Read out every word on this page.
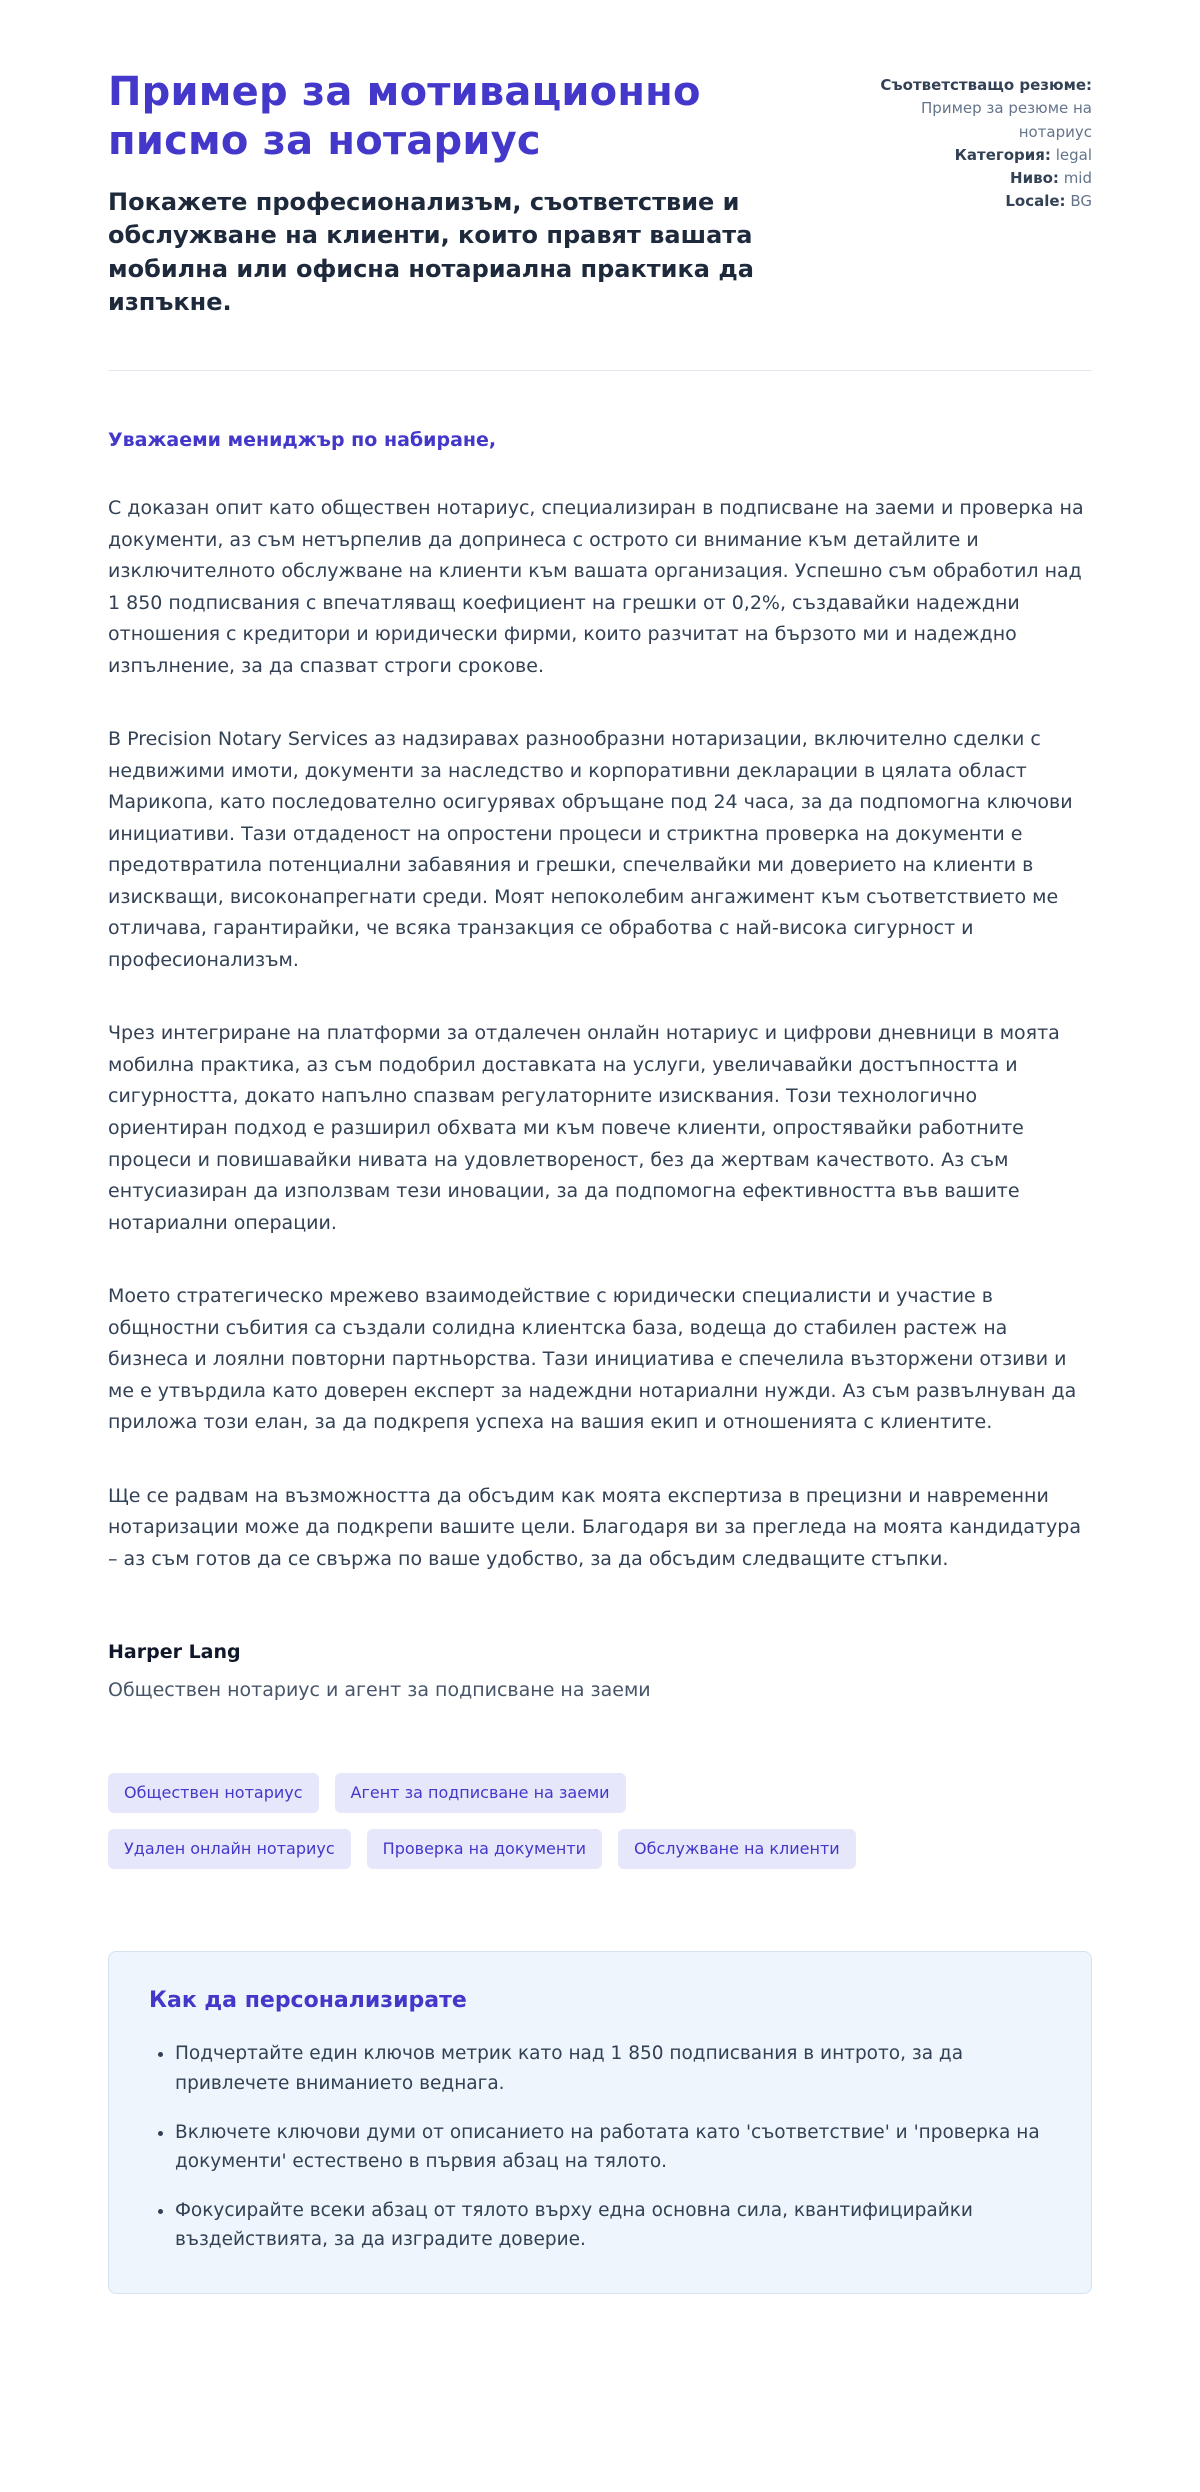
Пример за мотивационно писмо за нотариус

Покажете професионализъм, съответствие и обслужване на клиенти, които правят вашата мобилна или офисна нотариална практика да изпъкне.

Съответстващо резюме: Пример за резюме на нотариус
Категория: legal
Ниво: mid
Locale: BG

Уважаеми мениджър по набиране,

С доказан опит като обществен нотариус, специализиран в подписване на заеми и проверка на документи, аз съм нетърпелив да допринеса с острото си внимание към детайлите и изключителното обслужване на клиенти към вашата организация. Успешно съм обработил над 1 850 подписвания с впечатляващ коефициент на грешки от 0,2%, създавайки надеждни отношения с кредитори и юридически фирми, които разчитат на бързото ми и надеждно изпълнение, за да спазват строги срокове.

В Precision Notary Services аз надзиравах разнообразни нотаризации, включително сделки с недвижими имоти, документи за наследство и корпоративни декларации в цялата област Марикопа, като последователно осигурявах обръщане под 24 часа, за да подпомогна ключови инициативи. Тази отдаденост на опростени процеси и стриктна проверка на документи е предотвратила потенциални забавяния и грешки, спечелвайки ми доверието на клиенти в изискващи, високонапрегнати среди. Моят непоколебим ангажимент към съответствието ме отличава, гарантирайки, че всяка транзакция се обработва с най-висока сигурност и професионализъм.

Чрез интегриране на платформи за отдалечен онлайн нотариус и цифрови дневници в моята мобилна практика, аз съм подобрил доставката на услуги, увеличавайки достъпността и сигурността, докато напълно спазвам регулаторните изисквания. Този технологично ориентиран подход е разширил обхвата ми към повече клиенти, опростявайки работните процеси и повишавайки нивата на удовлетвореност, без да жертвам качеството. Аз съм ентусиазиран да използвам тези иновации, за да подпомогна ефективността във вашите нотариални операции.

Моето стратегическо мрежево взаимодействие с юридически специалисти и участие в общностни събития са създали солидна клиентска база, водеща до стабилен растеж на бизнеса и лоялни повторни партньорства. Тази инициатива е спечелила възторжени отзиви и ме е утвърдила като доверен експерт за надеждни нотариални нужди. Аз съм развълнуван да приложа този елан, за да подкрепя успеха на вашия екип и отношенията с клиентите.

Ще се радвам на възможността да обсъдим как моята експертиза в прецизни и навременни нотаризации може да подкрепи вашите цели. Благодаря ви за прегледа на моята кандидатура – аз съм готов да се свържа по ваше удобство, за да обсъдим следващите стъпки.

Harper Lang
Обществен нотариус и агент за подписване на заеми
Обществен нотариус	Агент за подписване на заеми
Удален онлайн нотариус	Проверка на документи	Обслужване на клиенти
Как да персонализирате
• Подчертайте един ключов метрик като над 1 850 подписвания в интрото, за да привлечете вниманието веднага.
• Включете ключови думи от описанието на работата като 'съответствие' и 'проверка на документи' естествено в първия абзац на тялото.
• Фокусирайте всеки абзац от тялото върху една основна сила, квантифицирайки въздействията, за да изградите доверие.
